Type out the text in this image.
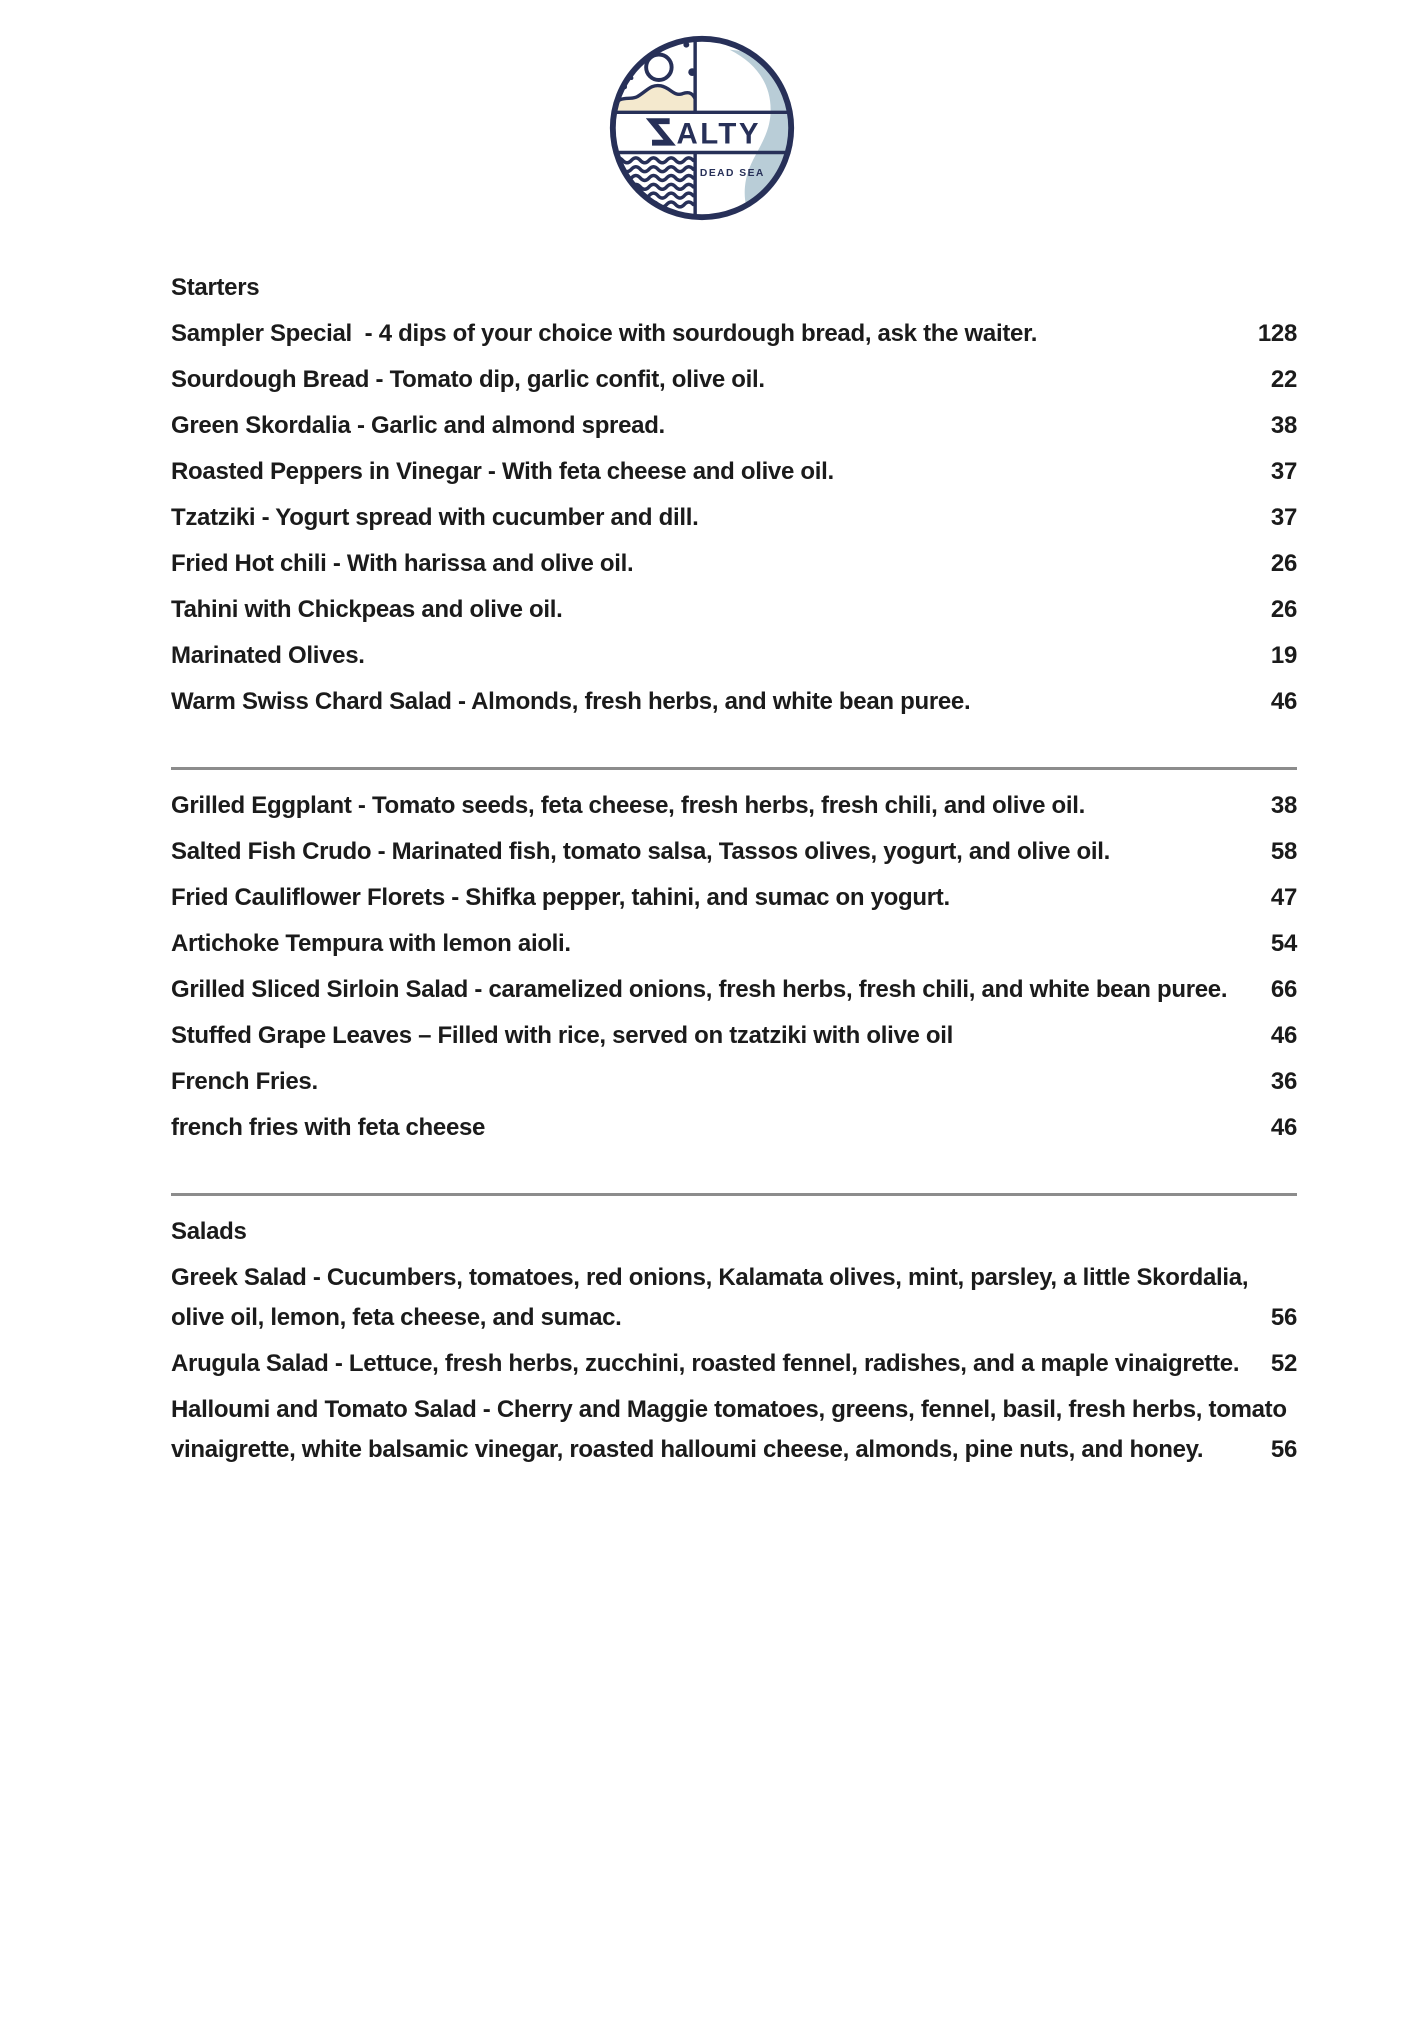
ALTY
DEAD SEA
Starters
Sampler Special  - 4 dips of your choice with sourdough bread, ask the waiter.	128
Sourdough Bread - Tomato dip, garlic confit, olive oil.	22
Green Skordalia - Garlic and almond spread.	38
Roasted Peppers in Vinegar - With feta cheese and olive oil.	37
Tzatziki - Yogurt spread with cucumber and dill.	37
Fried Hot chili - With harissa and olive oil.	26
Tahini with Chickpeas and olive oil.	26
Marinated Olives.	19
Warm Swiss Chard Salad - Almonds, fresh herbs, and white bean puree.	46
Grilled Eggplant - Tomato seeds, feta cheese, fresh herbs, fresh chili, and olive oil.	38
Salted Fish Crudo - Marinated fish, tomato salsa, Tassos olives, yogurt, and olive oil.	58
Fried Cauliflower Florets - Shifka pepper, tahini, and sumac on yogurt.	47
Artichoke Tempura with lemon aioli.	54
Grilled Sliced Sirloin Salad - caramelized onions, fresh herbs, fresh chili, and white bean puree. 66
Stuffed Grape Leaves – Filled with rice, served on tzatziki with olive oil	46
French Fries.	36
french fries with feta cheese	46
Salads
Greek Salad - Cucumbers, tomatoes, red onions, Kalamata olives, mint, parsley, a little Skordalia, olive oil, lemon, feta cheese, and sumac.	56
Arugula Salad - Lettuce, fresh herbs, zucchini, roasted fennel, radishes, and a maple vinaigrette. 52
Halloumi and Tomato Salad - Cherry and Maggie tomatoes, greens, fennel, basil, fresh herbs, tomato vinaigrette, white balsamic vinegar, roasted halloumi cheese, almonds, pine nuts, and honey.	56
